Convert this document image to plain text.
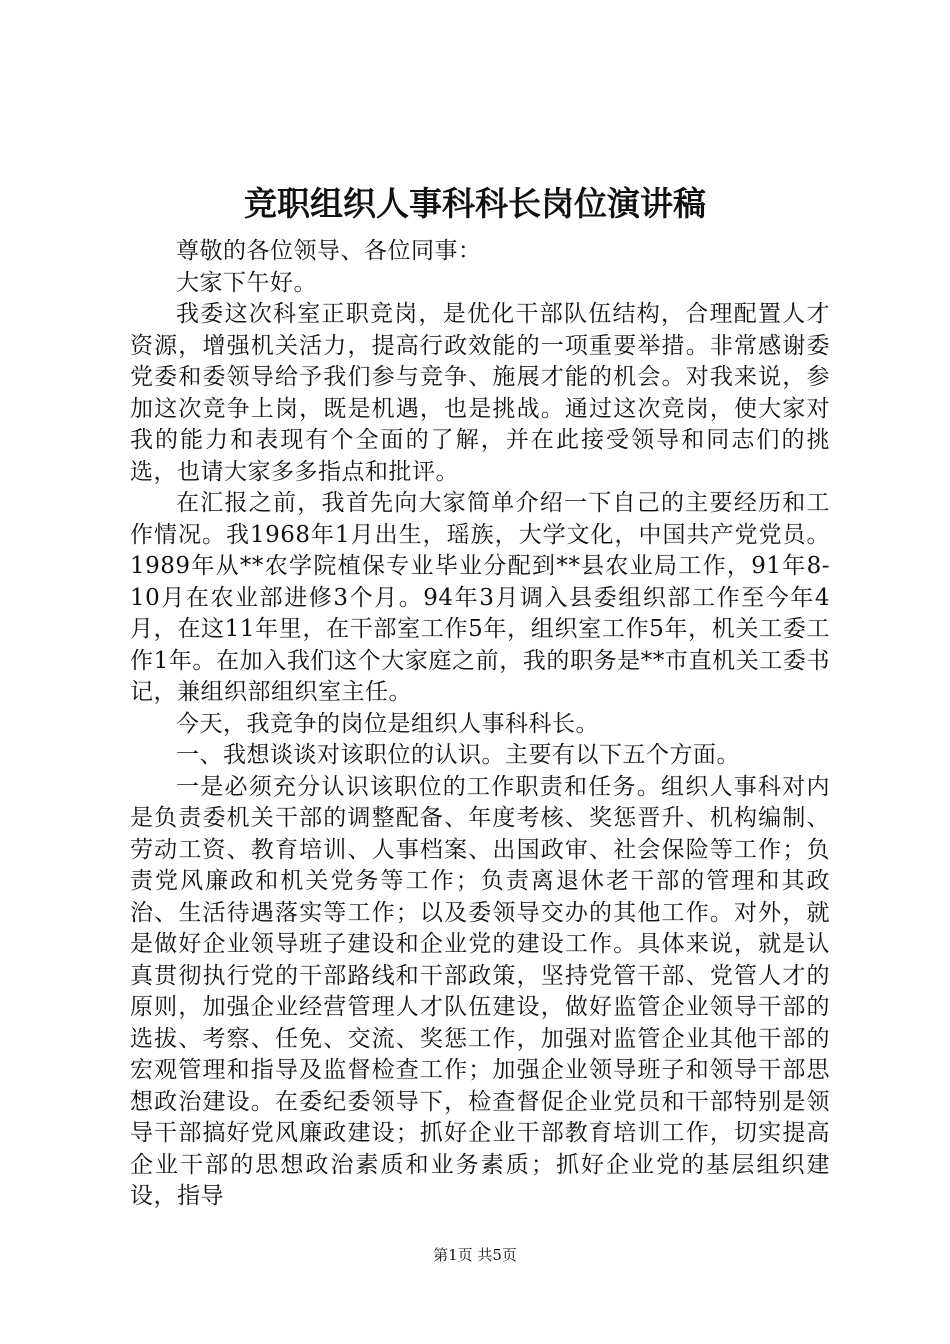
竞职组织人事科科长岗位演讲稿

尊敬的各位领导、各位同事：

大家下午好。

我委这次科室正职竞岗，是优化干部队伍结构，合理配置人才资源，增强机关活力，提高行政效能的一项重要举措。非常感谢委党委和委领导给予我们参与竞争、施展才能的机会。对我来说，参加这次竞争上岗，既是机遇，也是挑战。通过这次竞岗，使大家对我的能力和表现有个全面的了解，并在此接受领导和同志们的挑选，也请大家多多指点和批评。

在汇报之前，我首先向大家简单介绍一下自己的主要经历和工作情况。我1968年1月出生，瑶族，大学文化，中国共产党党员。1989年从**农学院植保专业毕业分配到**县农业局工作，91年8-10月在农业部进修3个月。94年3月调入县委组织部工作至今年4月，在这11年里，在干部室工作5年，组织室工作5年，机关工委工作1年。在加入我们这个大家庭之前，我的职务是**市直机关工委书记，兼组织部组织室主任。

今天，我竞争的岗位是组织人事科科长。

一、我想谈谈对该职位的认识。主要有以下五个方面。

一是必须充分认识该职位的工作职责和任务。组织人事科对内是负责委机关干部的调整配备、年度考核、奖惩晋升、机构编制、劳动工资、教育培训、人事档案、出国政审、社会保险等工作；负责党风廉政和机关党务等工作；负责离退休老干部的管理和其政治、生活待遇落实等工作；以及委领导交办的其他工作。对外，就是做好企业领导班子建设和企业党的建设工作。具体来说，就是认真贯彻执行党的干部路线和干部政策，坚持党管干部、党管人才的原则，加强企业经营管理人才队伍建设，做好监管企业领导干部的选拔、考察、任免、交流、奖惩工作，加强对监管企业其他干部的宏观管理和指导及监督检查工作；加强企业领导班子和领导干部思想政治建设。在委纪委领导下，检查督促企业党员和干部特别是领导干部搞好党风廉政建设；抓好企业干部教育培训工作，切实提高企业干部的思想政治素质和业务素质；抓好企业党的基层组织建设，指导

第1页 共5页
